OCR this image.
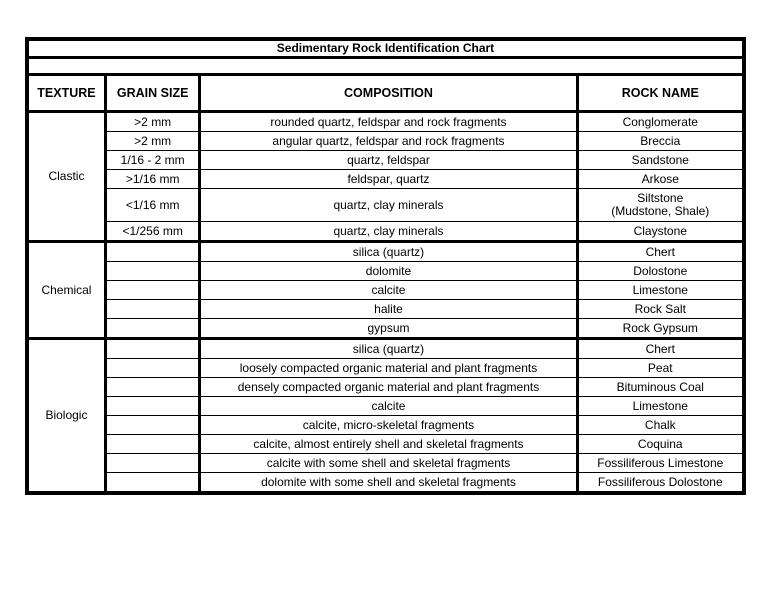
Sedimentary Rock Identification Chart			

TEXTURE	GRAIN SIZE	COMPOSITION	ROCK NAME
Clastic	>2 mm	rounded quartz, feldspar and rock fragments	Conglomerate

	>2 mm	angular quartz, feldspar and rock fragments	Breccia

	1/16 - 2 mm	quartz, feldspar	Sandstone

	>1/16 mm	feldspar, quartz	Arkose

	<1/16 mm	quartz, clay minerals	Siltstone
(Mudstone, Shale)

	<1/256 mm	quartz, clay minerals	Claystone

Chemical		silica (quartz)	Chert

		dolomite	Dolostone

		calcite	Limestone

		halite	Rock Salt

		gypsum	Rock Gypsum

Biologic		silica (quartz)	Chert

		loosely compacted organic material and plant fragments	Peat

		densely compacted organic material and plant fragments	Bituminous Coal

		calcite	Limestone

		calcite, micro-skeletal fragments	Chalk

		calcite, almost entirely shell and skeletal fragments	Coquina

		calcite with some shell and skeletal fragments	Fossiliferous Limestone

		dolomite with some shell and skeletal fragments	Fossiliferous Dolostone
